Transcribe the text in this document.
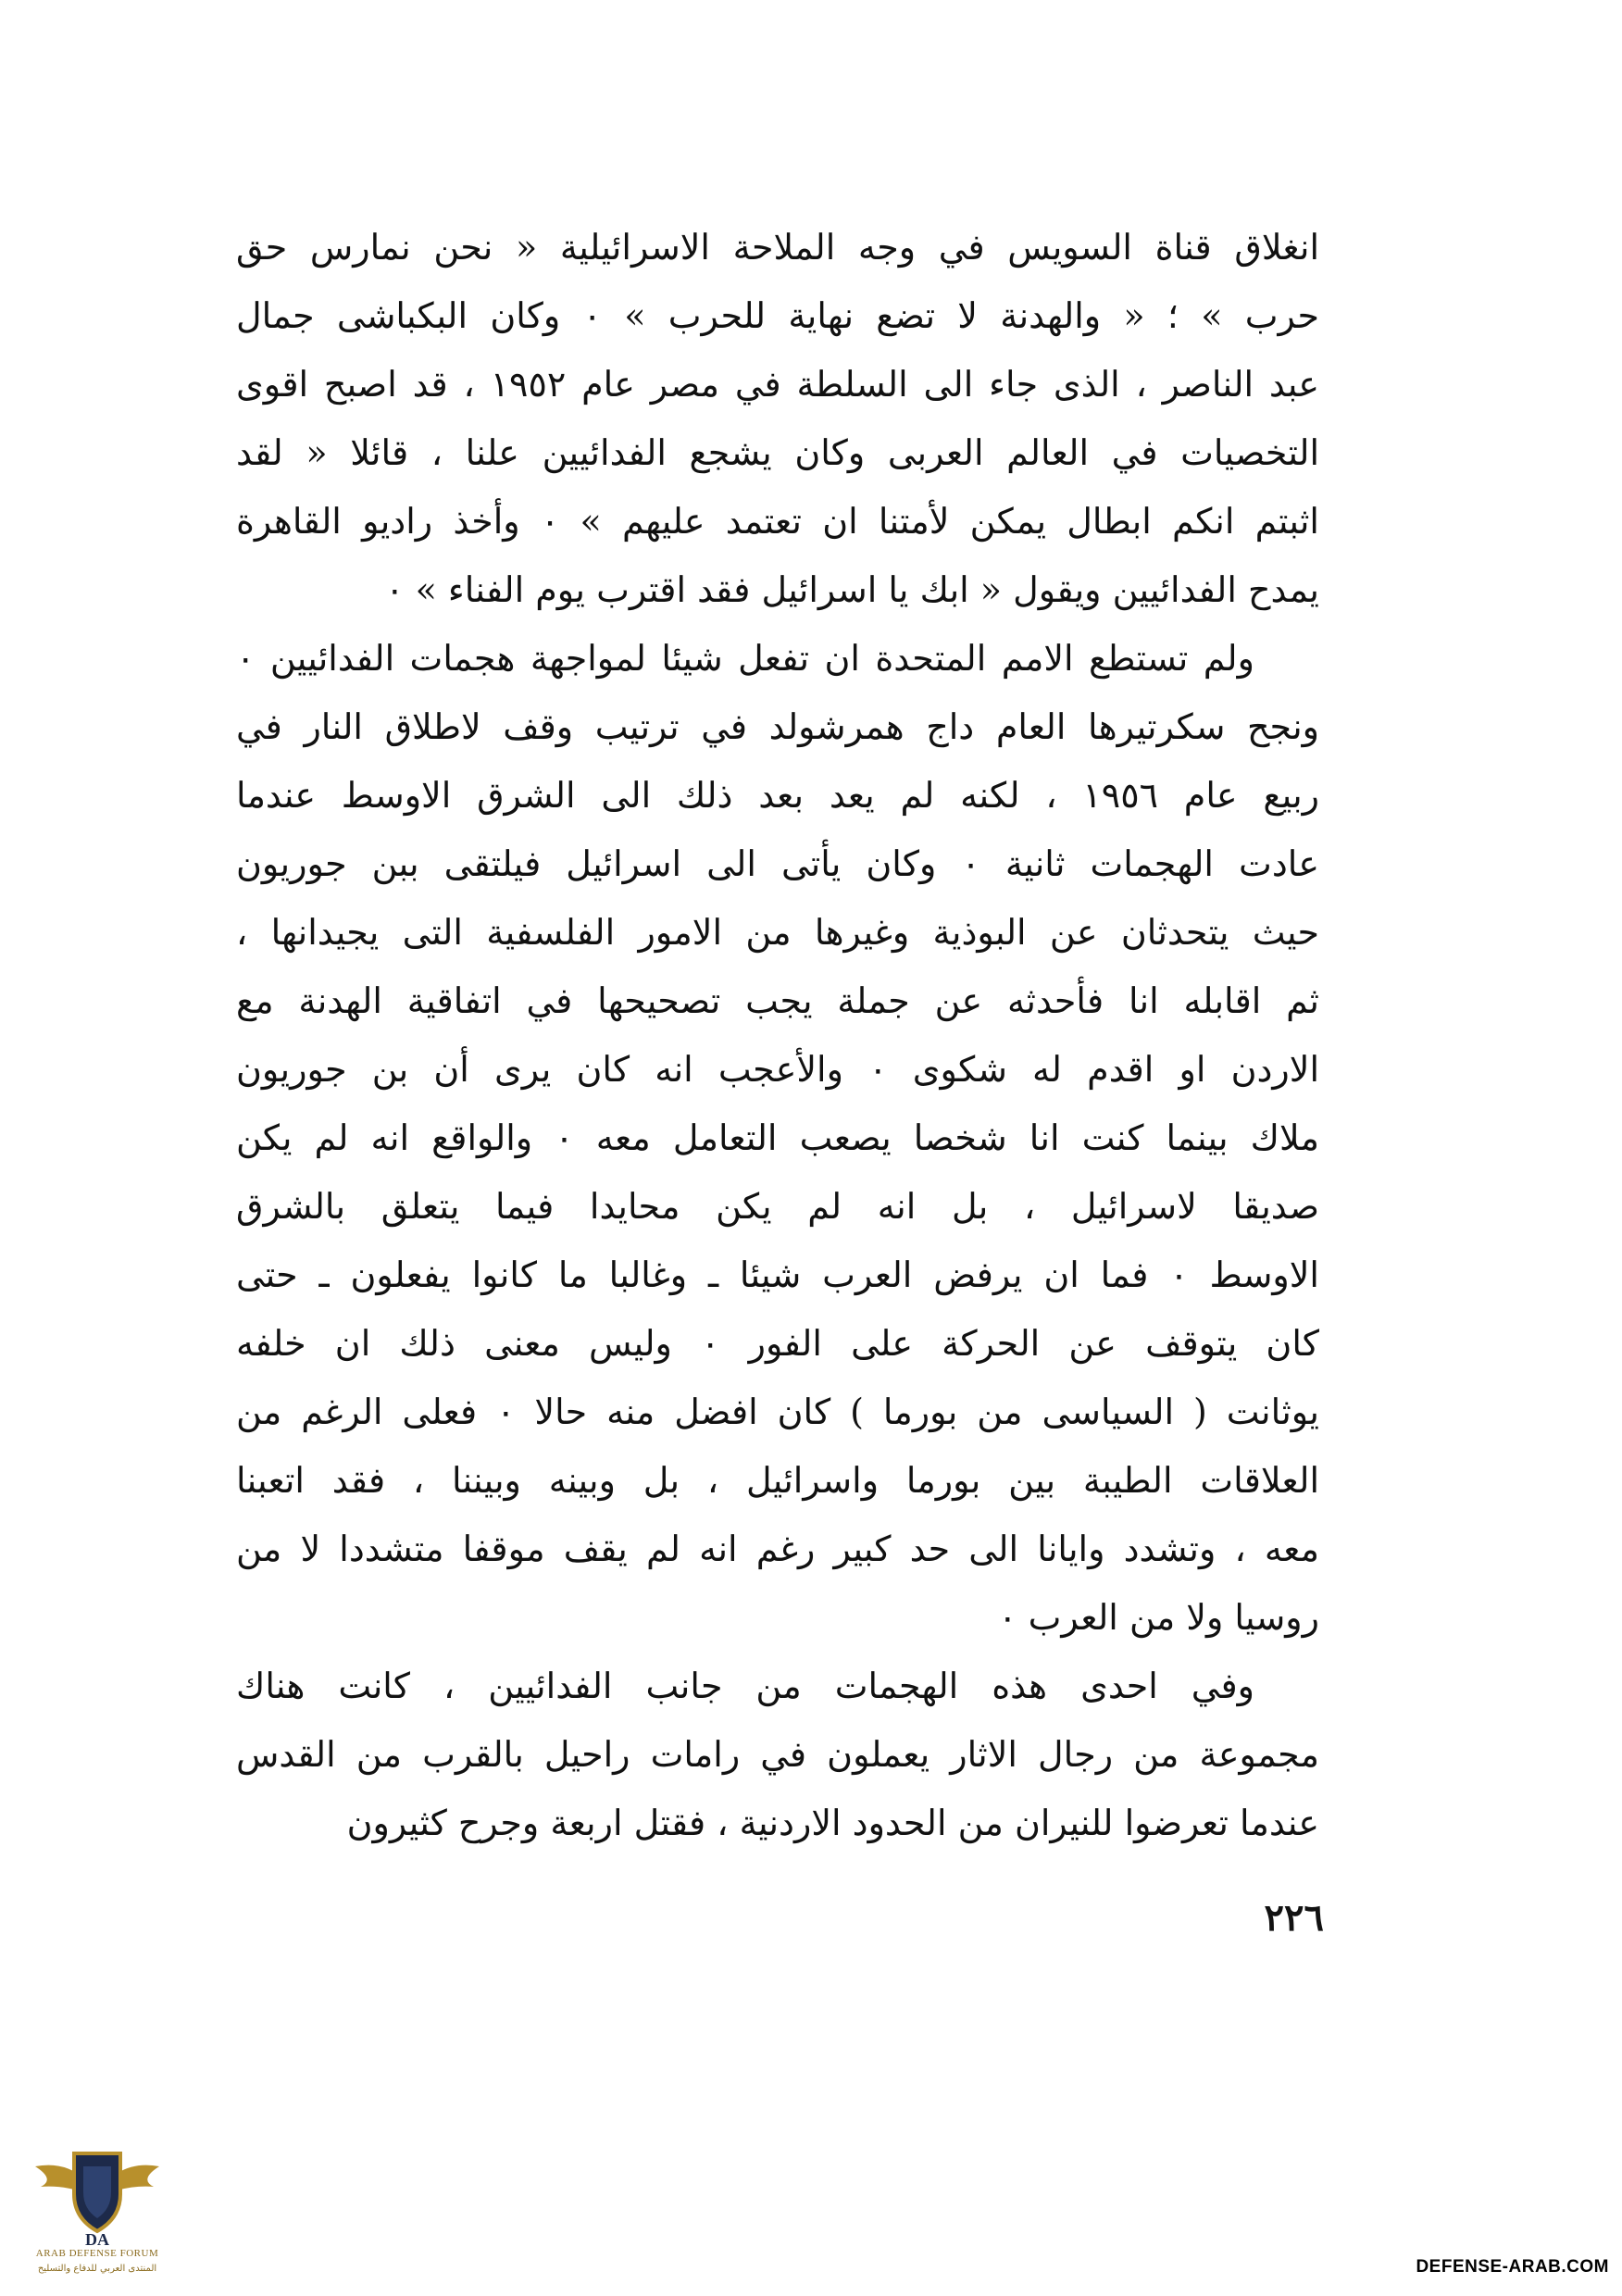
انغلاق قناة السويس في وجه الملاحة الاسرائيلية « نحن نمارس حق
حرب » ؛ « والهدنة لا تضع نهاية للحرب » ٠ وكان البكباشى جمال
عبد الناصر ، الذى جاء الى السلطة في مصر عام ١٩٥٢ ، قد اصبح اقوى
التخصيات في العالم العربى وكان يشجع الفدائيين علنا ، قائلا « لقد
اثبتم انكم ابطال يمكن لأمتنا ان تعتمد عليهم » ٠ وأخذ راديو القاهرة
يمدح الفدائيين ويقول « ابك يا اسرائيل فقد اقترب يوم الفناء » ٠
ولم تستطع الامم المتحدة ان تفعل شيئا لمواجهة هجمات الفدائيين ٠
ونجح سكرتيرها العام داج همرشولد في ترتيب وقف لاطلاق النار في
ربيع عام ١٩٥٦ ، لكنه لم يعد بعد ذلك الى الشرق الاوسط عندما
عادت الهجمات ثانية ٠ وكان يأتى الى اسرائيل فيلتقى ببن جوريون
حيث يتحدثان عن البوذية وغيرها من الامور الفلسفية التى يجيدانها ،
ثم اقابله انا فأحدثه عن جملة يجب تصحيحها في اتفاقية الهدنة مع
الاردن او اقدم له شكوى ٠ والأعجب انه كان يرى أن بن جوريون
ملاك بينما كنت انا شخصا يصعب التعامل معه ٠ والواقع انه لم يكن
صديقا لاسرائيل ، بل انه لم يكن محايدا فيما يتعلق بالشرق
الاوسط ٠ فما ان يرفض العرب شيئا ـ وغالبا ما كانوا يفعلون ـ حتى
كان يتوقف عن الحركة على الفور ٠ وليس معنى ذلك ان خلفه
يوثانت ( السياسى من بورما ) كان افضل منه حالا ٠ فعلى الرغم من
العلاقات الطيبة بين بورما واسرائيل ، بل وبينه وبيننا ، فقد اتعبنا
معه ، وتشدد وايانا الى حد كبير رغم انه لم يقف موقفا متشددا لا من
روسيا ولا من العرب ٠
وفي احدى هذه الهجمات من جانب الفدائيين ، كانت هناك
مجموعة من رجال الاثار يعملون في رامات راحيل بالقرب من القدس
عندما تعرضوا للنيران من الحدود الاردنية ، فقتل اربعة وجرح كثيرون
٢٢٦
DA
ARAB DEFENSE FORUM
المنتدى العربي للدفاع والتسليح	DEFENSE-ARAB.COM
